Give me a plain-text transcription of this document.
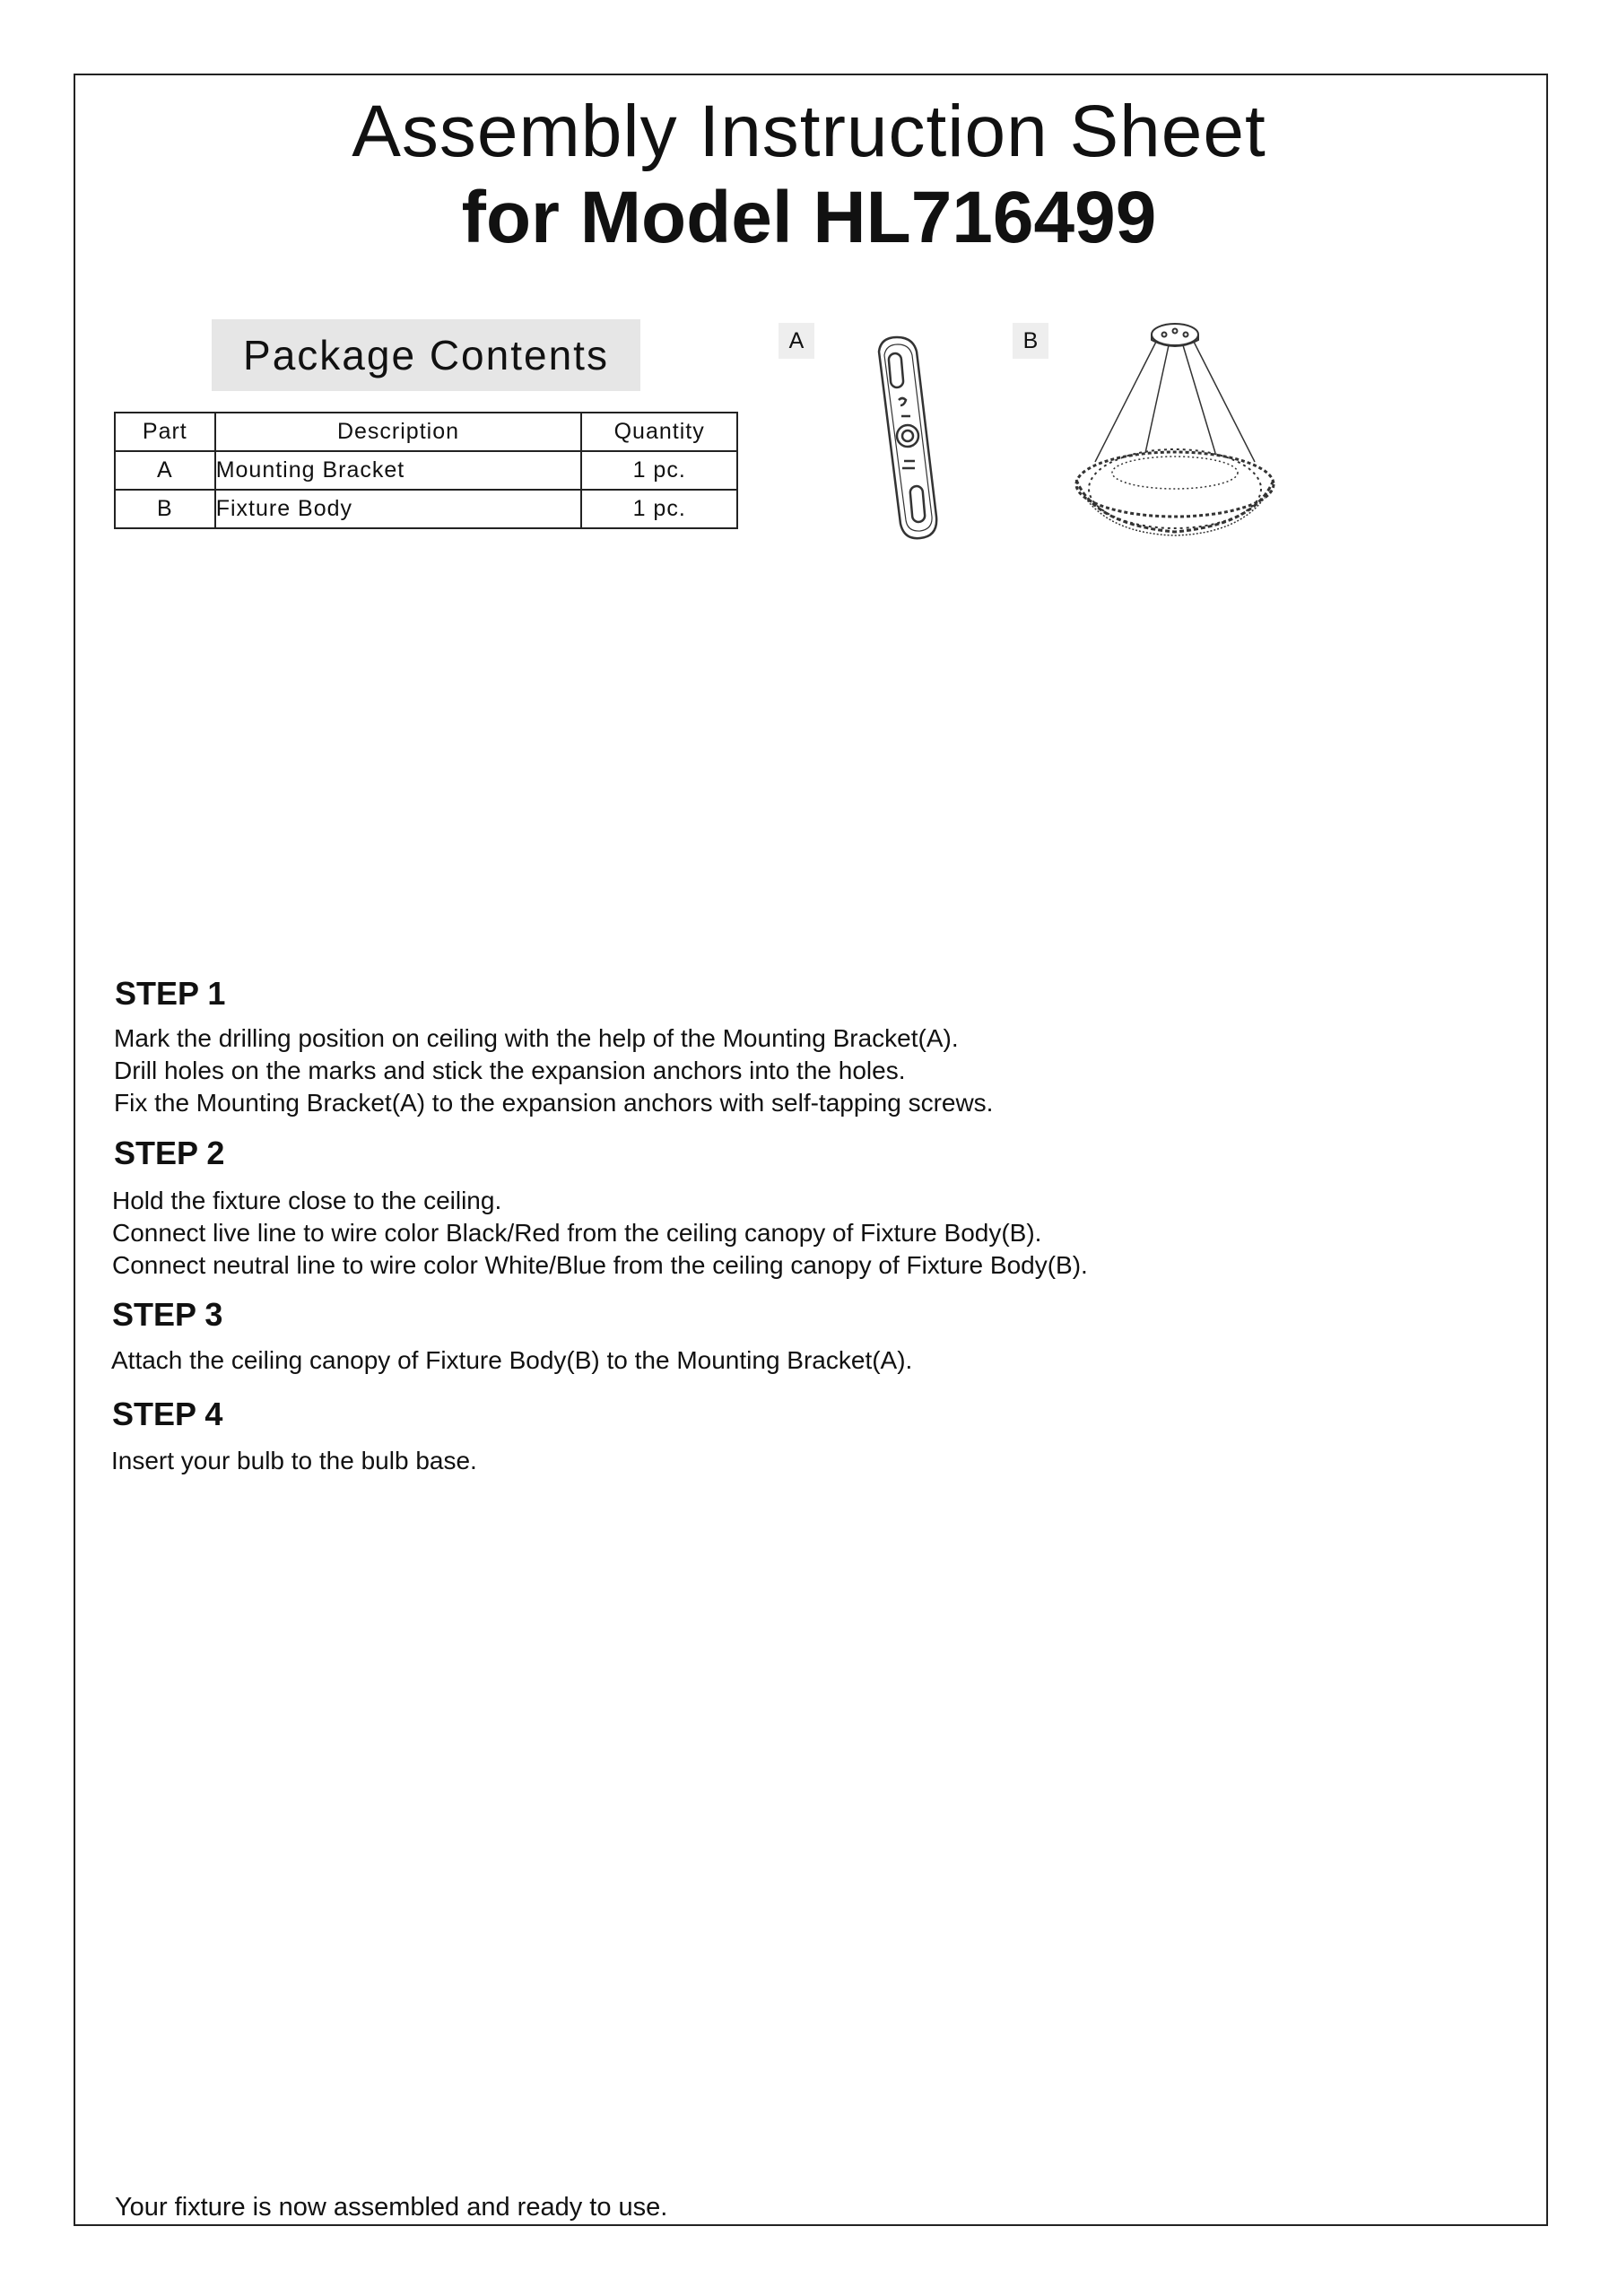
Assembly Instruction Sheet
for Model HL716499
Package Contents
Part	Description	Quantity
A	Mounting Bracket	1 pc.
B	Fixture Body	1 pc.
A	B
STEP 1
Mark the drilling position on ceiling with the help of the Mounting Bracket(A).
Drill holes on the marks and stick the expansion anchors into the holes.
Fix the Mounting Bracket(A) to the expansion anchors with self-tapping screws.
STEP 2
Hold the fixture close to the ceiling.
Connect live line to wire color Black/Red from the ceiling canopy of Fixture Body(B).
Connect neutral line to wire color White/Blue from the ceiling canopy of Fixture Body(B).
STEP 3
Attach the ceiling canopy of Fixture Body(B) to the Mounting Bracket(A).
STEP 4
Insert your bulb to the bulb base.
Your fixture is now assembled and ready to use.
